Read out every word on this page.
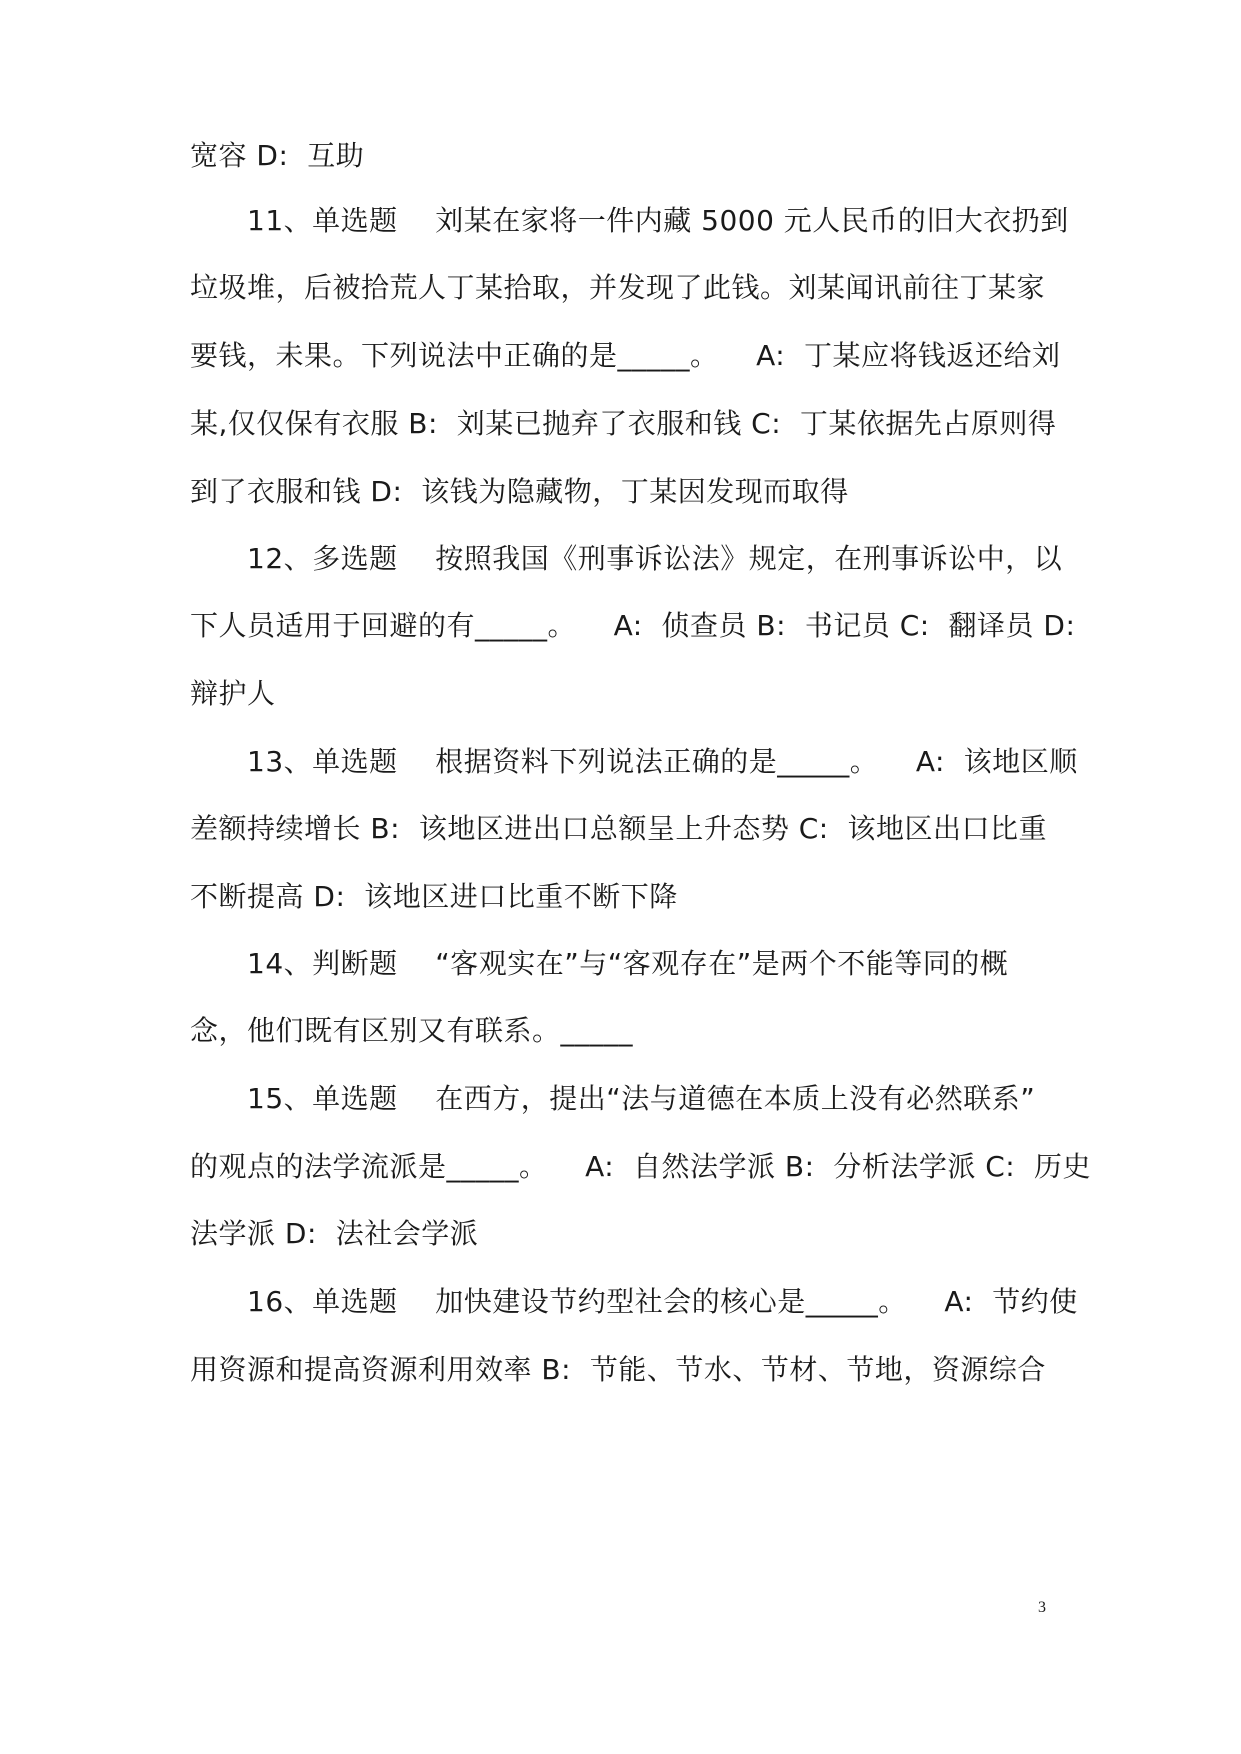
宽容 D:  互助
11、单选题    刘某在家将一件内藏 5000 元人民币的旧大衣扔到
垃圾堆，后被拾荒人丁某拾取，并发现了此钱。刘某闻讯前往丁某家
要钱，未果。下列说法中正确的是_____。    A:  丁某应将钱返还给刘
某,仅仅保有衣服 B:  刘某已抛弃了衣服和钱 C:  丁某依据先占原则得
到了衣服和钱 D:  该钱为隐藏物，丁某因发现而取得
12、多选题    按照我国《刑事诉讼法》规定，在刑事诉讼中，以
下人员适用于回避的有_____。    A:  侦查员 B:  书记员 C:  翻译员 D:
辩护人
13、单选题    根据资料下列说法正确的是_____。    A:  该地区顺
差额持续增长 B:  该地区进出口总额呈上升态势 C:  该地区出口比重
不断提高 D:  该地区进口比重不断下降
14、判断题    “客观实在”与“客观存在”是两个不能等同的概
念，他们既有区别又有联系。_____
15、单选题    在西方，提出“法与道德在本质上没有必然联系”
的观点的法学流派是_____。    A:  自然法学派 B:  分析法学派 C:  历史
法学派 D:  法社会学派
16、单选题    加快建设节约型社会的核心是_____。    A:  节约使
用资源和提高资源利用效率 B:  节能、节水、节材、节地，资源综合
3
